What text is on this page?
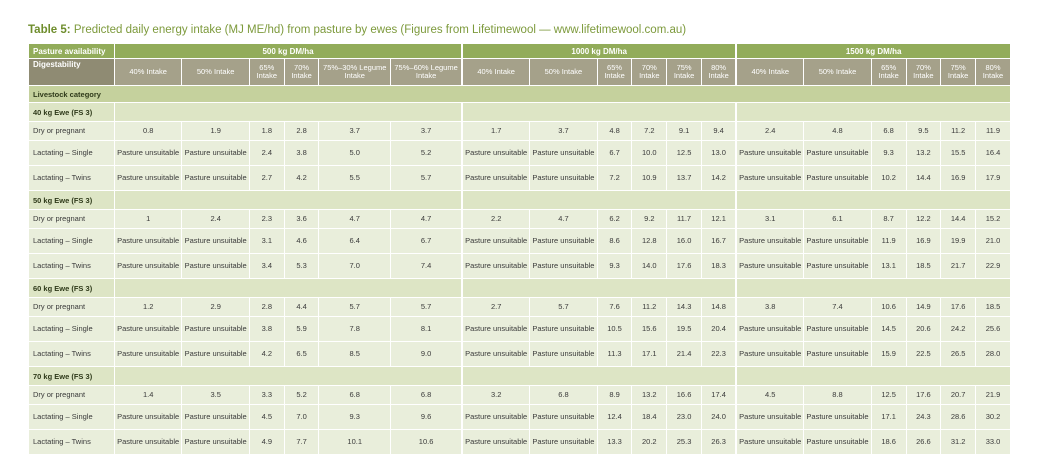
Table 5: Predicted daily energy intake (MJ ME/hd) from pasture by ewes (Figures from Lifetimewool — www.lifetimewool.com.au)
Pasture availability	500 kg DM/ha						1000 kg DM/ha						1500 kg DM/ha					
Digestability	40% Intake	50% Intake	65% Intake	70% Intake	75%–30% Legume Intake	75%–60% Legume Intake	40% Intake	50% Intake	65% Intake	70% Intake	75% Intake	80% Intake	40% Intake	50% Intake	65% Intake	70% Intake	75% Intake	80% Intake
Livestock category																		
40 kg Ewe (FS 3)																		
Dry or pregnant	0.8	1.9	1.8	2.8	3.7	3.7	1.7	3.7	4.8	7.2	9.1	9.4	2.4	4.8	6.8	9.5	11.2	11.9
Lactating – Single	Pasture unsuitable	Pasture unsuitable	2.4	3.8	5.0	5.2	Pasture unsuitable	Pasture unsuitable	6.7	10.0	12.5	13.0	Pasture unsuitable	Pasture unsuitable	9.3	13.2	15.5	16.4
Lactating – Twins	Pasture unsuitable	Pasture unsuitable	2.7	4.2	5.5	5.7	Pasture unsuitable	Pasture unsuitable	7.2	10.9	13.7	14.2	Pasture unsuitable	Pasture unsuitable	10.2	14.4	16.9	17.9
50 kg Ewe (FS 3)																		
Dry or pregnant	1	2.4	2.3	3.6	4.7	4.7	2.2	4.7	6.2	9.2	11.7	12.1	3.1	6.1	8.7	12.2	14.4	15.2
Lactating – Single	Pasture unsuitable	Pasture unsuitable	3.1	4.6	6.4	6.7	Pasture unsuitable	Pasture unsuitable	8.6	12.8	16.0	16.7	Pasture unsuitable	Pasture unsuitable	11.9	16.9	19.9	21.0
Lactating – Twins	Pasture unsuitable	Pasture unsuitable	3.4	5.3	7.0	7.4	Pasture unsuitable	Pasture unsuitable	9.3	14.0	17.6	18.3	Pasture unsuitable	Pasture unsuitable	13.1	18.5	21.7	22.9
60 kg Ewe (FS 3)																		
Dry or pregnant	1.2	2.9	2.8	4.4	5.7	5.7	2.7	5.7	7.6	11.2	14.3	14.8	3.8	7.4	10.6	14.9	17.6	18.5
Lactating – Single	Pasture unsuitable	Pasture unsuitable	3.8	5.9	7.8	8.1	Pasture unsuitable	Pasture unsuitable	10.5	15.6	19.5	20.4	Pasture unsuitable	Pasture unsuitable	14.5	20.6	24.2	25.6
Lactating – Twins	Pasture unsuitable	Pasture unsuitable	4.2	6.5	8.5	9.0	Pasture unsuitable	Pasture unsuitable	11.3	17.1	21.4	22.3	Pasture unsuitable	Pasture unsuitable	15.9	22.5	26.5	28.0
70 kg Ewe (FS 3)																		
Dry or pregnant	1.4	3.5	3.3	5.2	6.8	6.8	3.2	6.8	8.9	13.2	16.6	17.4	4.5	8.8	12.5	17.6	20.7	21.9
Lactating – Single	Pasture unsuitable	Pasture unsuitable	4.5	7.0	9.3	9.6	Pasture unsuitable	Pasture unsuitable	12.4	18.4	23.0	24.0	Pasture unsuitable	Pasture unsuitable	17.1	24.3	28.6	30.2
Lactating – Twins	Pasture unsuitable	Pasture unsuitable	4.9	7.7	10.1	10.6	Pasture unsuitable	Pasture unsuitable	13.3	20.2	25.3	26.3	Pasture unsuitable	Pasture unsuitable	18.6	26.6	31.2	33.0
